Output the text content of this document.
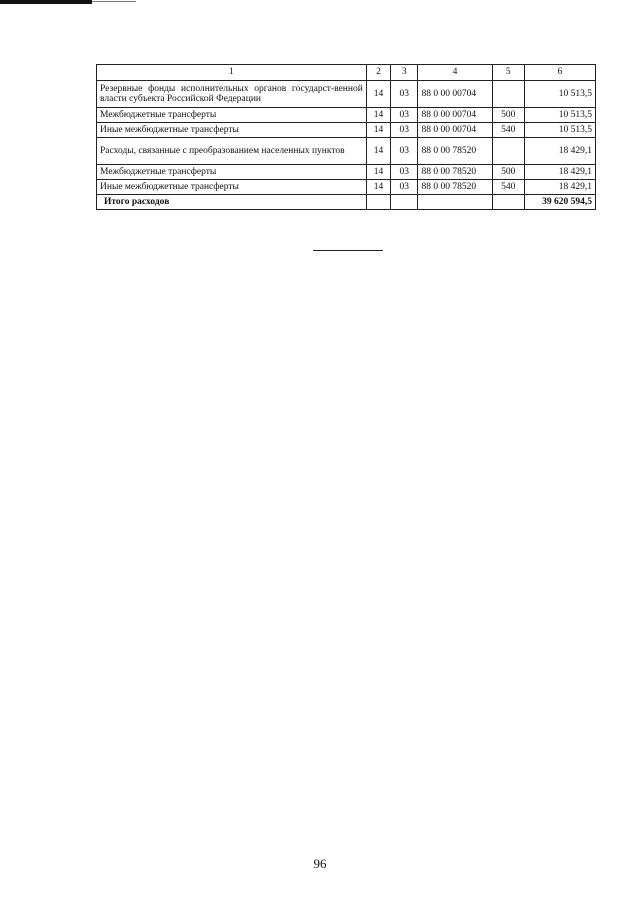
1	2	3	4	5	6
Резервные фонды исполнительных органов государст-венной власти субъекта Российской Федерации	14	03	88 0 00 00704		10 513,5
Межбюджетные трансферты	14	03	88 0 00 00704	500	10 513,5
Иные межбюджетные трансферты	14	03	88 0 00 00704	540	10 513,5
Расходы, связанные с преобразованием населенных пунктов	14	03	88 0 00 78520		18 429,1
Межбюджетные трансферты	14	03	88 0 00 78520	500	18 429,1
Иные межбюджетные трансферты	14	03	88 0 00 78520	540	18 429,1
Итого расходов					39 620 594,5
96
